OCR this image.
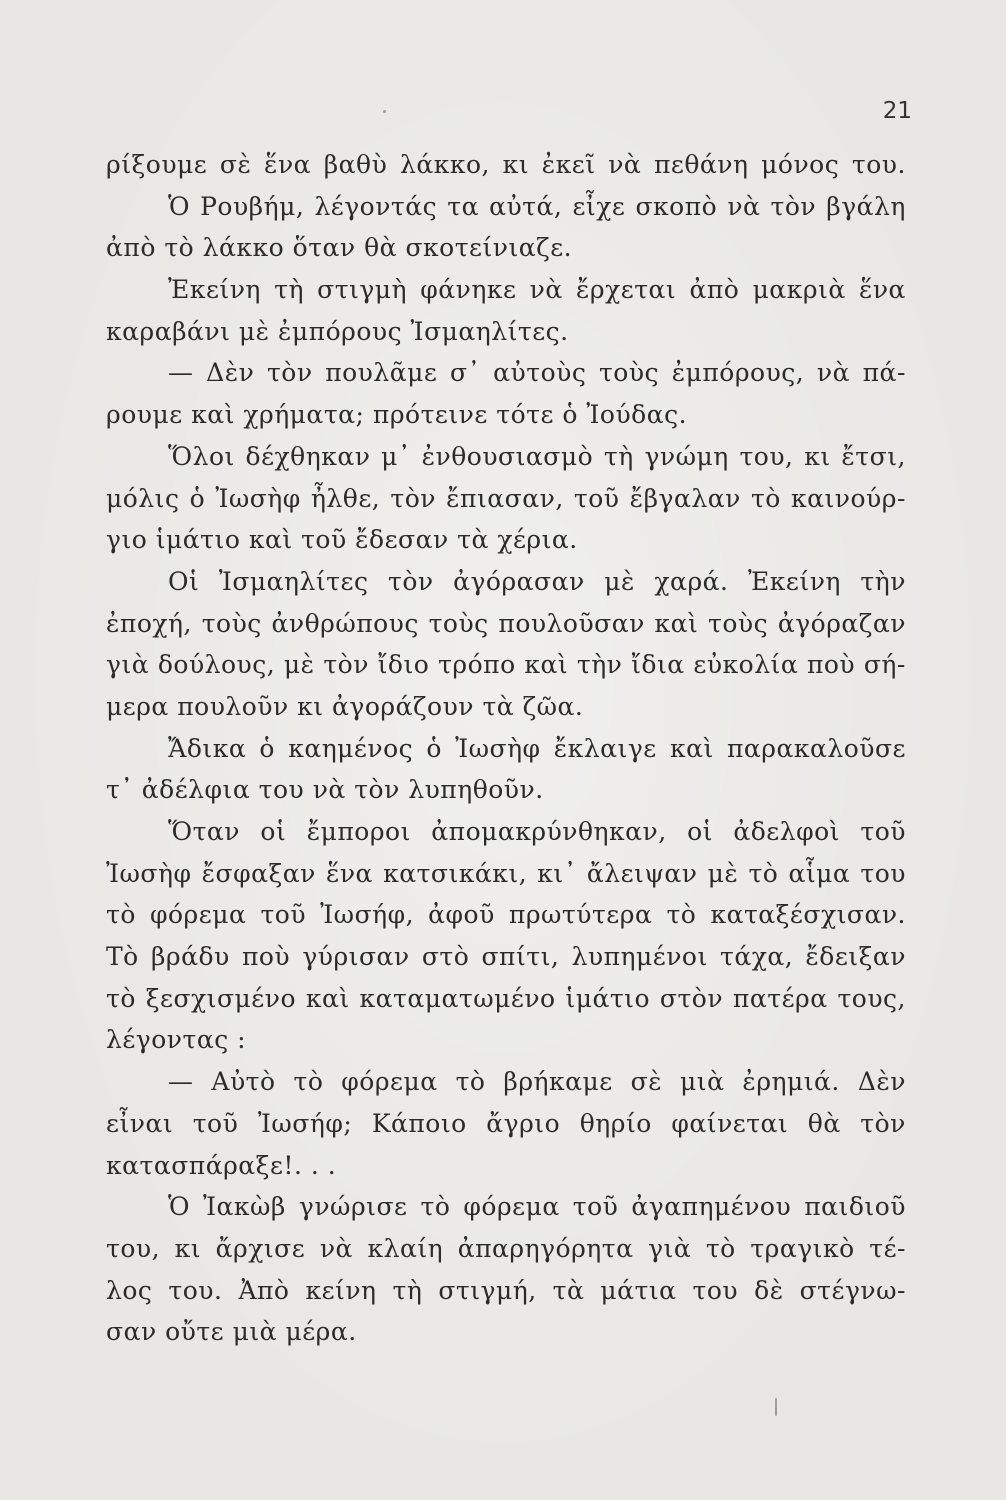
21
ρίξουμε σὲ ἕνα βαθὺ λάκκο, κι ἐκεῖ νὰ πεθάνη μόνος του.
Ὁ Ρουβήμ, λέγοντάς τα αὐτά, εἶχε σκοπὸ νὰ τὸν βγάλη
ἀπὸ τὸ λάκκο ὅταν θὰ σκοτείνιαζε.
Ἐκείνη τὴ στιγμὴ φάνηκε νὰ ἔρχεται ἀπὸ μακριὰ ἕνα
καραβάνι μὲ ἐμπόρους Ἰσμαηλίτες.
— Δὲν τὸν πουλᾶμε σ᾽ αὐτοὺς τοὺς ἐμπόρους, νὰ πά-
ρουμε καὶ χρήματα; πρότεινε τότε ὁ Ἰούδας.
Ὅλοι δέχθηκαν μ᾽ ἐνθουσιασμὸ τὴ γνώμη του, κι ἔτσι,
μόλις ὁ Ἰωσὴφ ἦλθε, τὸν ἔπιασαν, τοῦ ἔβγαλαν τὸ καινούρ-
γιο ἱμάτιο καὶ τοῦ ἔδεσαν τὰ χέρια.
Οἱ Ἰσμαηλίτες τὸν ἀγόρασαν μὲ χαρά. Ἐκείνη τὴν
ἐποχή, τοὺς ἀνθρώπους τοὺς πουλοῦσαν καὶ τοὺς ἀγόραζαν
γιὰ δούλους, μὲ τὸν ἴδιο τρόπο καὶ τὴν ἴδια εὐκολία ποὺ σή-
μερα πουλοῦν κι ἀγοράζουν τὰ ζῶα.
Ἄδικα ὁ καημένος ὁ Ἰωσὴφ ἔκλαιγε καὶ παρακαλοῦσε
τ᾽ ἀδέλφια του νὰ τὸν λυπηθοῦν.
Ὅταν οἱ ἔμποροι ἀπομακρύνθηκαν, οἱ ἀδελφοὶ τοῦ
Ἰωσὴφ ἔσφαξαν ἕνα κατσικάκι, κι᾽ ἄλειψαν μὲ τὸ αἷμα του
τὸ φόρεμα τοῦ Ἰωσήφ, ἀφοῦ πρωτύτερα τὸ καταξέσχισαν.
Τὸ βράδυ ποὺ γύρισαν στὸ σπίτι, λυπημένοι τάχα, ἔδειξαν
τὸ ξεσχισμένο καὶ καταματωμένο ἱμάτιο στὸν πατέρα τους,
λέγοντας :
— Αὐτὸ τὸ φόρεμα τὸ βρήκαμε σὲ μιὰ ἐρημιά. Δὲν
εἶναι τοῦ Ἰωσήφ; Κάποιο ἄγριο θηρίο φαίνεται θὰ τὸν
κατασπάραξε!. . .
Ὁ Ἰακὼβ γνώρισε τὸ φόρεμα τοῦ ἀγαπημένου παιδιοῦ
του, κι ἄρχισε νὰ κλαίη ἀπαρηγόρητα γιὰ τὸ τραγικὸ τέ-
λος του. Ἀπὸ κείνη τὴ στιγμή, τὰ μάτια του δὲ στέγνω-
σαν οὔτε μιὰ μέρα.
